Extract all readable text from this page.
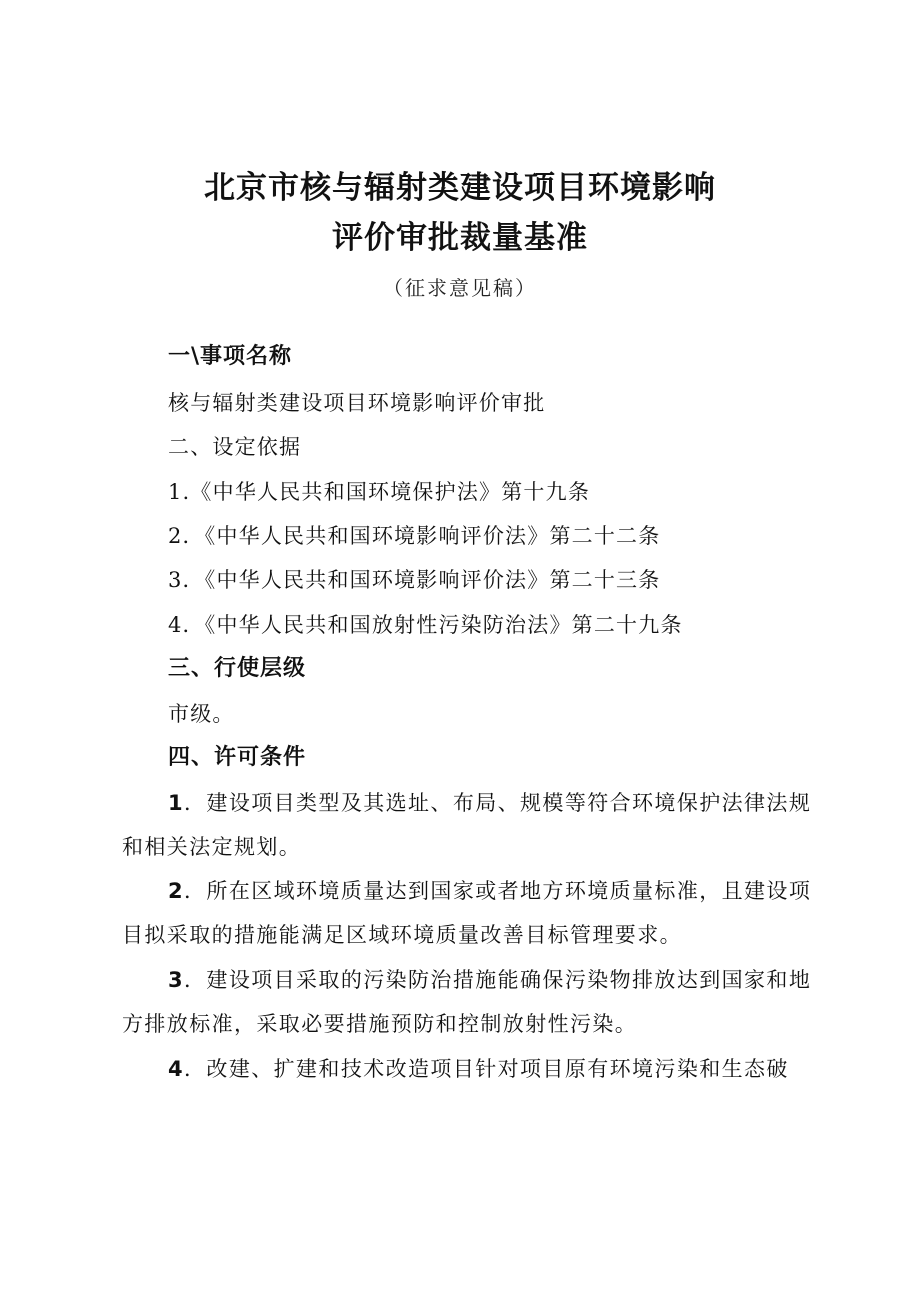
北京市核与辐射类建设项目环境影响
评价审批裁量基准
（征求意见稿）
一\事项名称
核与辐射类建设项目环境影响评价审批
二、设定依据
1.《中华人民共和国环境保护法》第十九条
2．《中华人民共和国环境影响评价法》第二十二条
3．《中华人民共和国环境影响评价法》第二十三条
4．《中华人民共和国放射性污染防治法》第二十九条
三、行使层级
市级。
四、许可条件
1．建设项目类型及其选址、布局、规模等符合环境保护法律法规和相关法定规划。
2．所在区域环境质量达到国家或者地方环境质量标准，且建设项目拟采取的措施能满足区域环境质量改善目标管理要求。
3．建设项目采取的污染防治措施能确保污染物排放达到国家和地方排放标准，采取必要措施预防和控制放射性污染。
4．改建、扩建和技术改造项目针对项目原有环境污染和生态破
